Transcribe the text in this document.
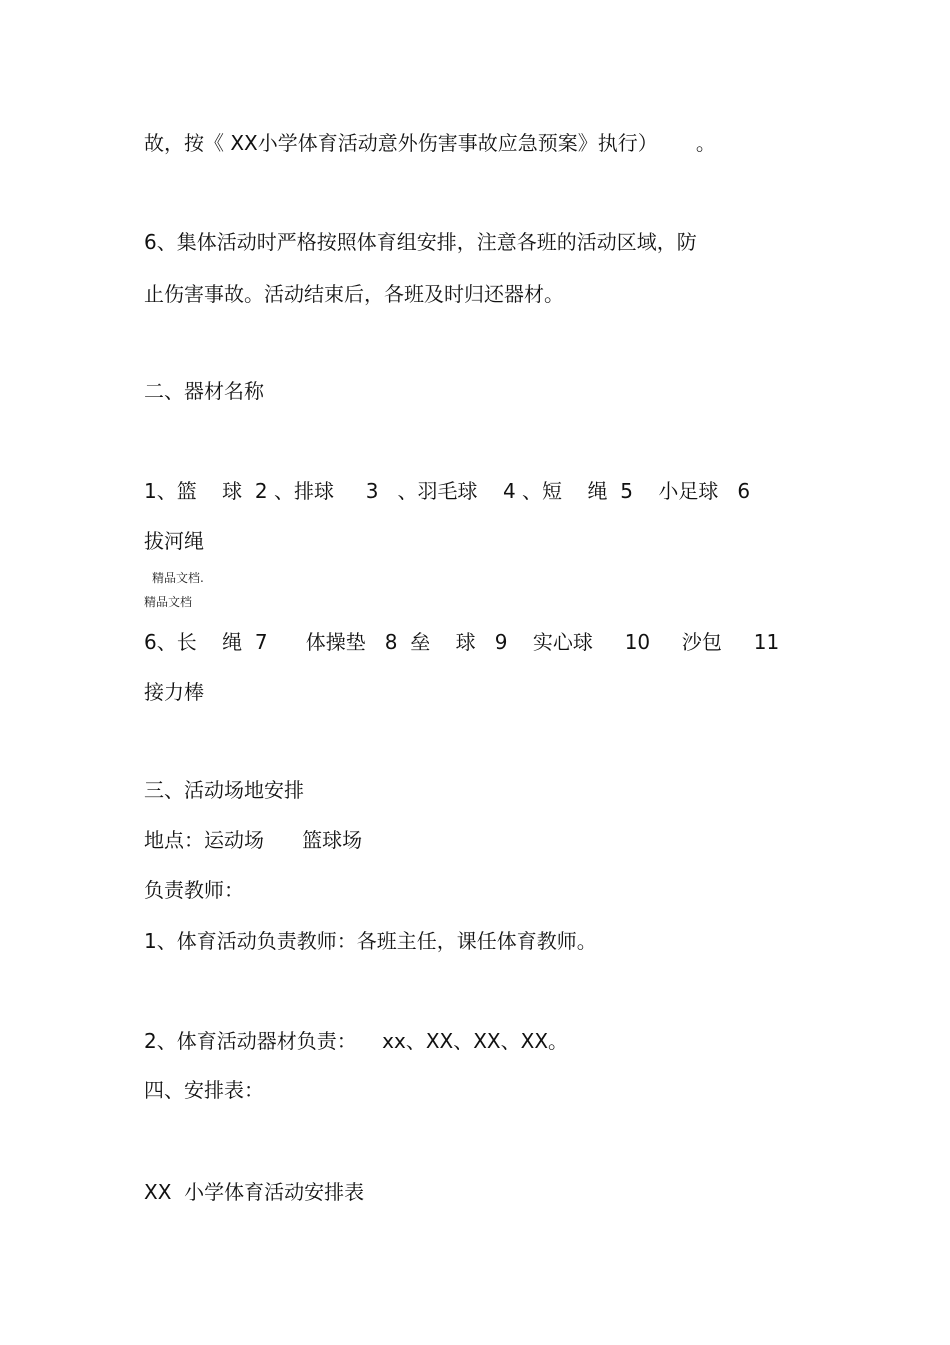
故，按《 XX小学体育活动意外伤害事故应急预案》执行）      。
6、集体活动时严格按照体育组安排，注意各班的活动区域，防
止伤害事故。活动结束后，各班及时归还器材。
二、器材名称
1、篮    球  2 、排球     3   、羽毛球    4 、短    绳  5    小足球   6
拔河绳
精品文档.
精品文档
6、长    绳  7      体操垫   8  垒    球   9    实心球     10     沙包     11
接力棒
三、活动场地安排
地点：运动场      篮球场
负责教师：
1、体育活动负责教师：各班主任，课任体育教师。
2、体育活动器材负责：    xx、XX、XX、XX。
四、安排表：
XX  小学体育活动安排表
